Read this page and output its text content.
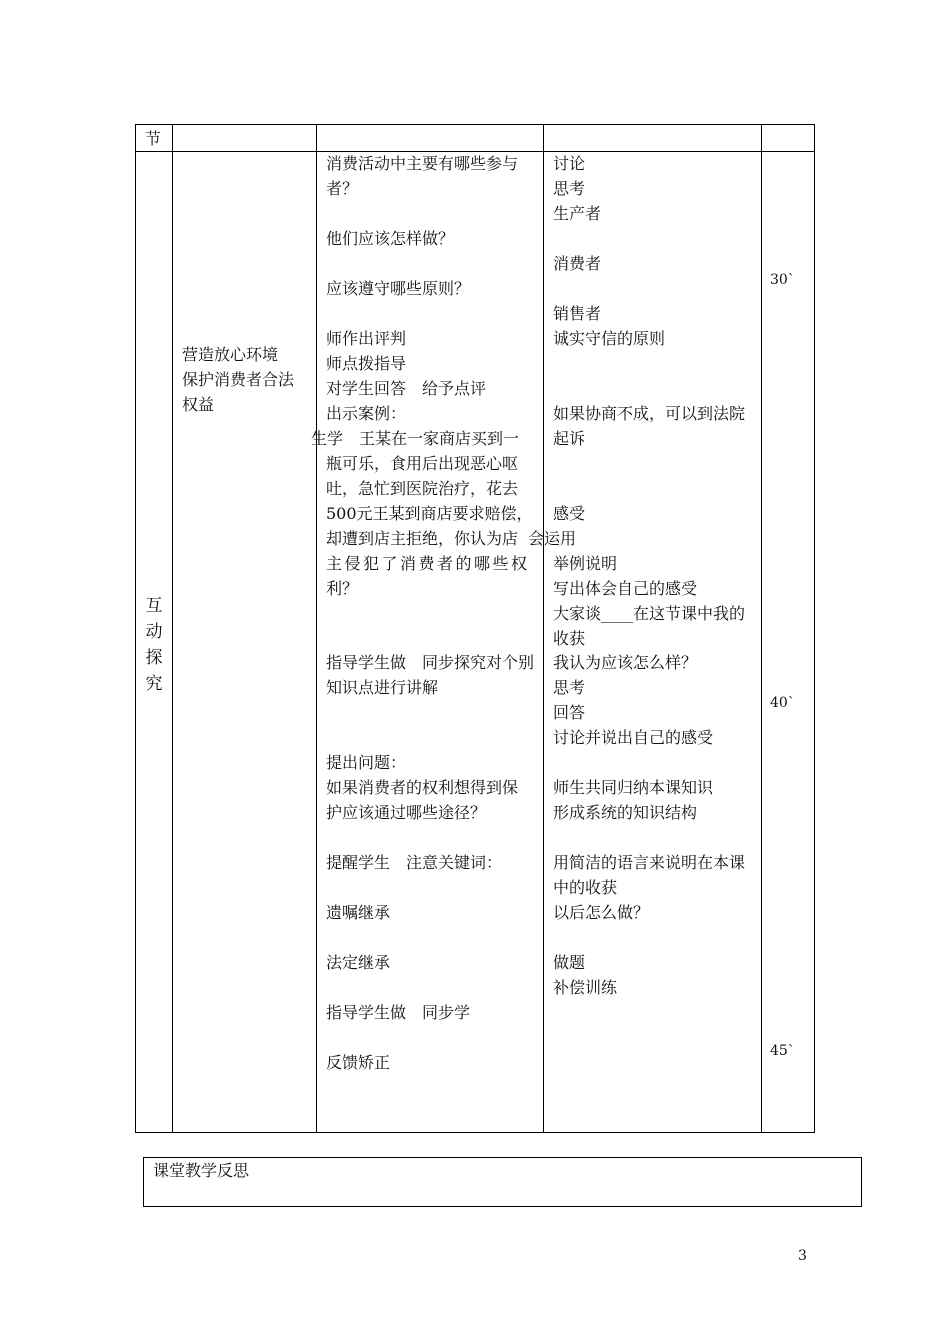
节
互
动
探
究
营造放心环境
保护消费者合法
权益
消费活动中主要有哪些参与
者？
他们应该怎样做？
应该遵守哪些原则？
师作出评判
师点拨指导
对学生回答　给予点评
出示案例：
生学 王某在一家商店买到一
瓶可乐，食用后出现恶心呕
吐，急忙到医院治疗，花去
500元王某到商店要求赔偿，
却遭到店主拒绝，你认为店 会运用
主侵犯了消费者的哪些权
利？
指导学生做　同步探究对个别
知识点进行讲解
提出问题：
如果消费者的权利想得到保
护应该通过哪些途径？
提醒学生　注意关键词：
遗嘱继承
法定继承
指导学生做　同步学
反馈矫正
讨论
思考
生产者
消费者
销售者
诚实守信的原则
如果协商不成，可以到法院
起诉
感受
举例说明
写出体会自己的感受
大家谈____在这节课中我的
收获
我认为应该怎么样？
思考
回答
讨论并说出自己的感受
师生共同归纳本课知识
形成系统的知识结构
用简洁的语言来说明在本课
中的收获
以后怎么做？
做题
补偿训练
30`
40`
45`
课堂教学反思
3
